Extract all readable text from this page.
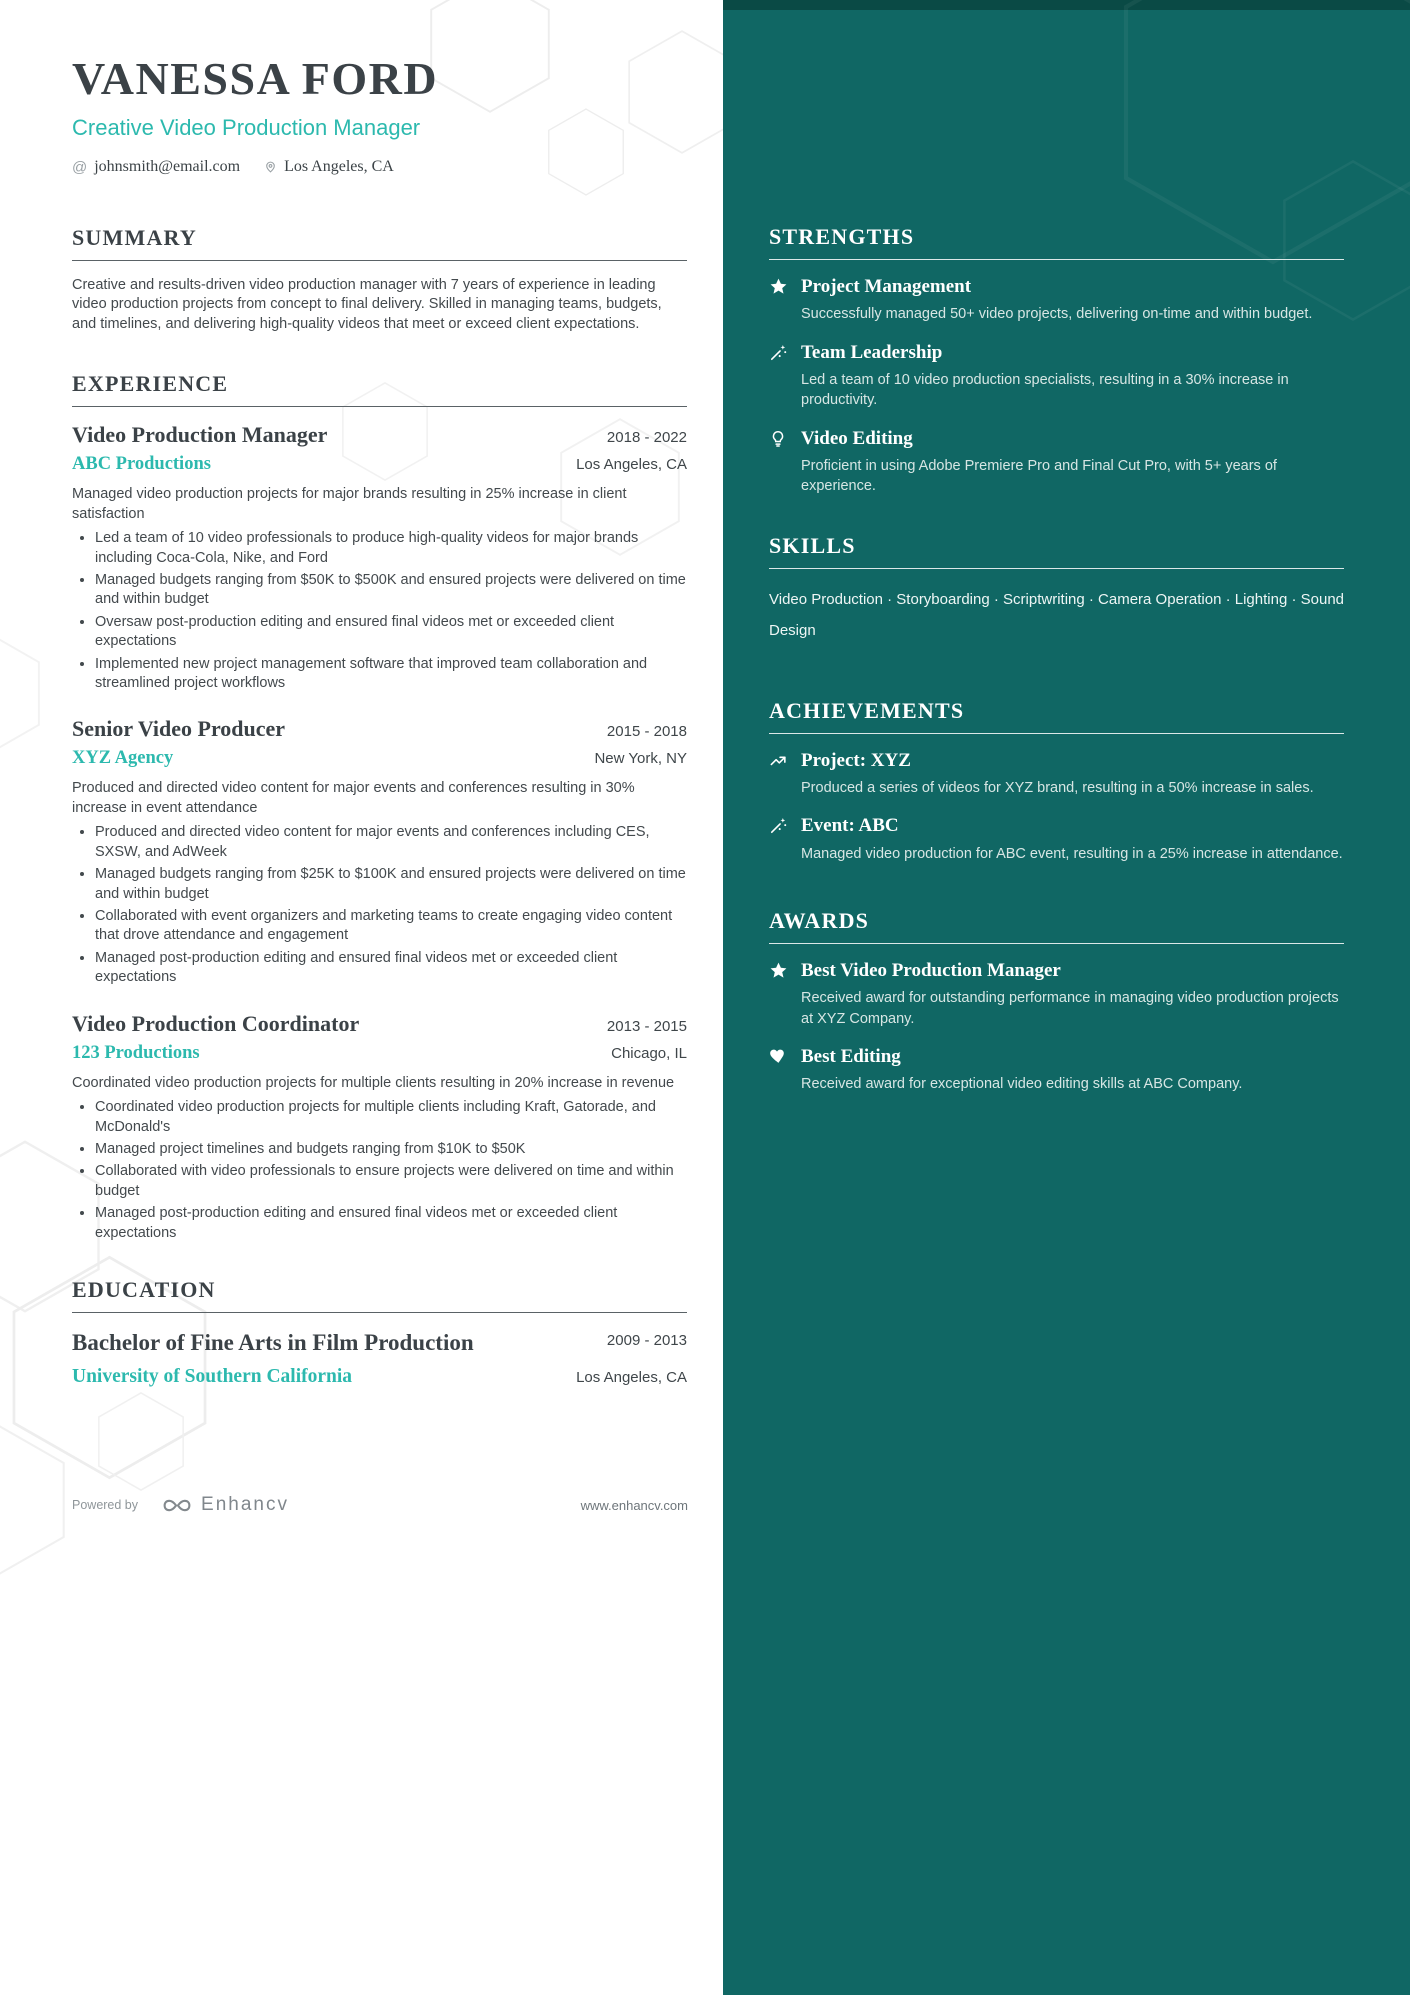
VANESSA FORD
Creative Video Production Manager
@ johnsmith@email.com	Los Angeles, CA
SUMMARY

Creative and results-driven video production manager with 7 years of experience in leading video production projects from concept to final delivery. Skilled in managing teams, budgets, and timelines, and delivering high-quality videos that meet or exceed client expectations.

EXPERIENCE
Video Production Manager	2018 - 2022
ABC Productions	Los Angeles, CA

Managed video production projects for major brands resulting in 25% increase in client satisfaction

• Led a team of 10 video professionals to produce high-quality videos for major brands including Coca-Cola, Nike, and Ford
• Managed budgets ranging from $50K to $500K and ensured projects were delivered on time and within budget
• Oversaw post-production editing and ensured final videos met or exceeded client expectations
• Implemented new project management software that improved team collaboration and streamlined project workflows
Senior Video Producer	2015 - 2018
XYZ Agency	New York, NY

Produced and directed video content for major events and conferences resulting in 30% increase in event attendance

• Produced and directed video content for major events and conferences including CES, SXSW, and AdWeek
• Managed budgets ranging from $25K to $100K and ensured projects were delivered on time and within budget
• Collaborated with event organizers and marketing teams to create engaging video content that drove attendance and engagement
• Managed post-production editing and ensured final videos met or exceeded client expectations
Video Production Coordinator	2013 - 2015
123 Productions	Chicago, IL

Coordinated video production projects for multiple clients resulting in 20% increase in revenue

• Coordinated video production projects for multiple clients including Kraft, Gatorade, and McDonald's
• Managed project timelines and budgets ranging from $10K to $50K
• Collaborated with video professionals to ensure projects were delivered on time and within budget
• Managed post-production editing and ensured final videos met or exceeded client expectations
EDUCATION
Bachelor of Fine Arts in Film Production	2009 - 2013
University of Southern California	Los Angeles, CA
Powered by	Enhancv	www.enhancv.com
STRENGTHS
Project Management
Successfully managed 50+ video projects, delivering on-time and within budget.
Team Leadership
Led a team of 10 video production specialists, resulting in a 30% increase in productivity.
Video Editing
Proficient in using Adobe Premiere Pro and Final Cut Pro, with 5+ years of experience.
SKILLS
Video Production · Storyboarding · Scriptwriting · Camera Operation · Lighting · Sound Design
ACHIEVEMENTS
Project: XYZ
Produced a series of videos for XYZ brand, resulting in a 50% increase in sales.
Event: ABC
Managed video production for ABC event, resulting in a 25% increase in attendance.
AWARDS
Best Video Production Manager
Received award for outstanding performance in managing video production projects at XYZ Company.
Best Editing
Received award for exceptional video editing skills at ABC Company.
